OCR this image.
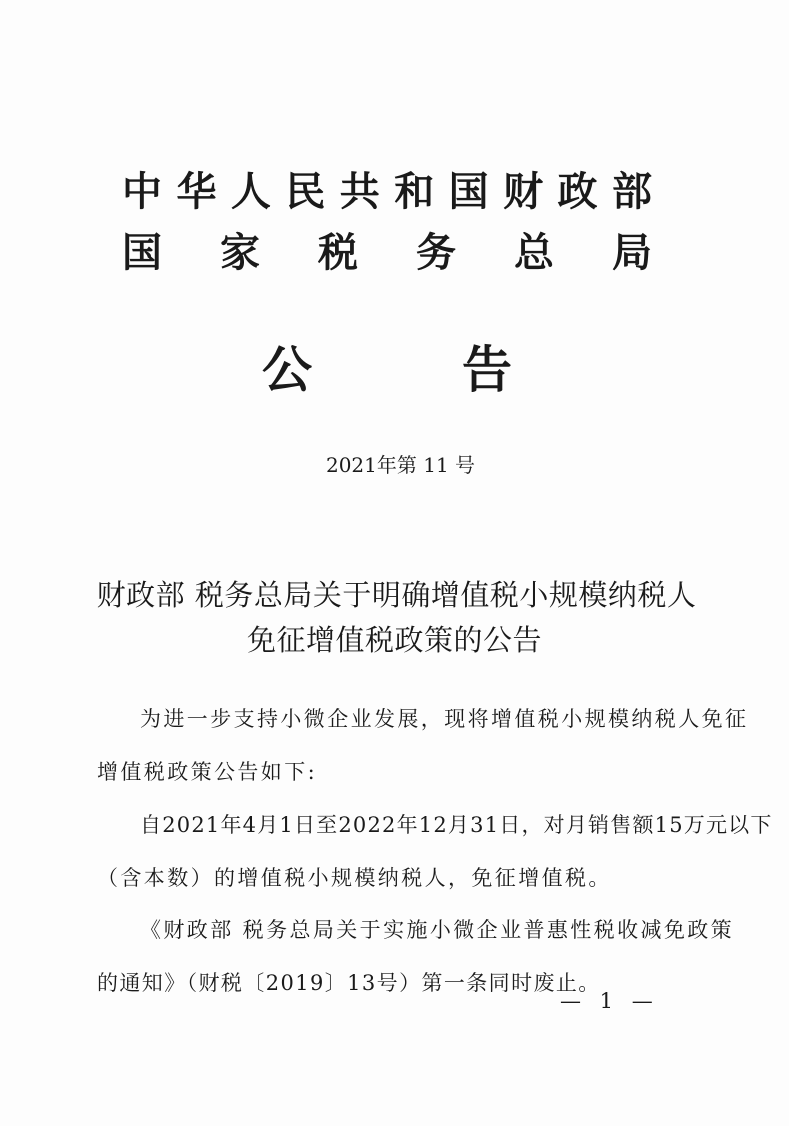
中 华 人 民 共 和 国 财 政 部
国 家 税 务 总 局
公	告
2021年第 11 号
财政部 税务总局关于明确增值税小规模纳税人
免征增值税政策的公告
为进一步支持小微企业发展，现将增值税小规模纳税人免征
增值税政策公告如下:
自2021年4月1日至2022年12月31日，对月销售额15万元以下
（含本数）的增值税小规模纳税人，免征增值税。
《财政部 税务总局关于实施小微企业普惠性税收减免政策
的通知》（财税〔2019〕13号）第一条同时废止。
— 1 —
